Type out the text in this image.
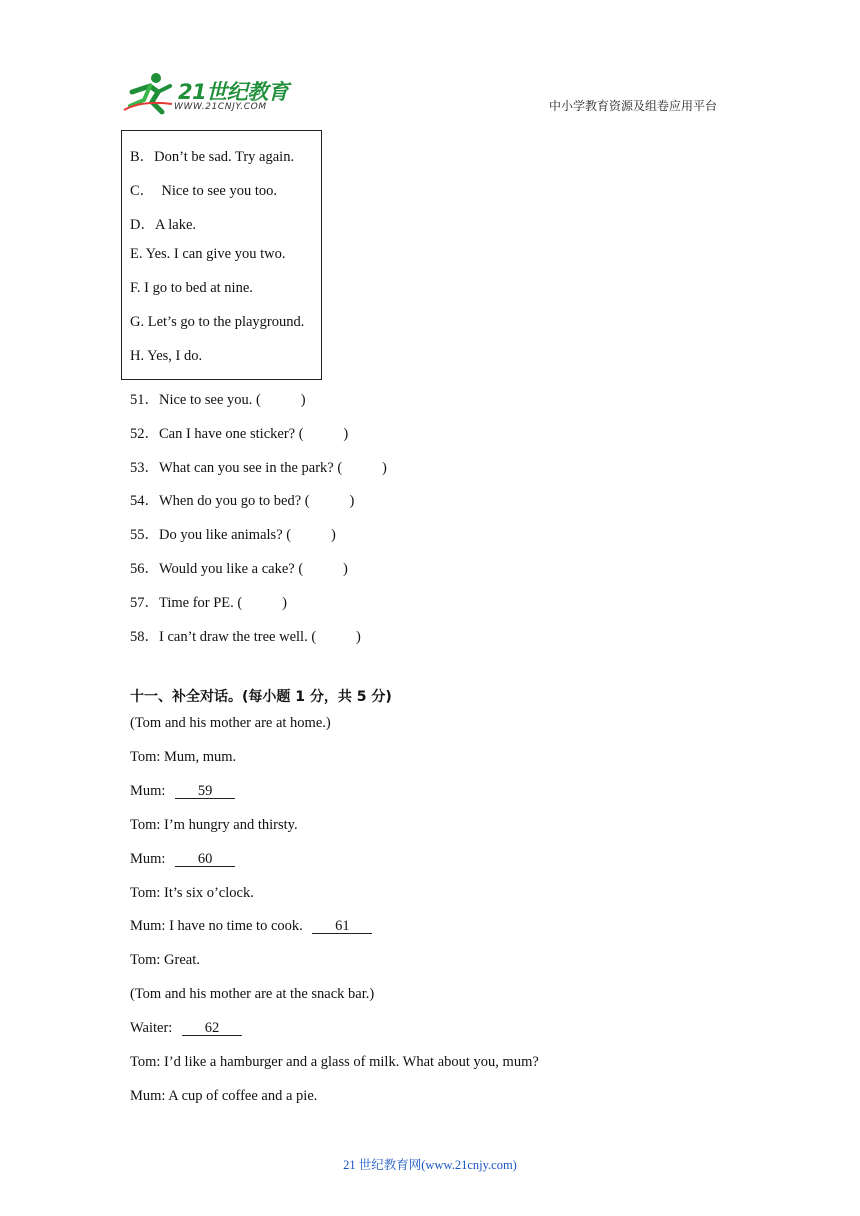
21世纪教育
WWW.21CNJY.COM	中小学教育资源及组卷应用平台
B．Don’t be sad. Try again.
C．  Nice to see you too.
D．A lake.
E. Yes. I can give you two.
F. I go to bed at nine.
G. Let’s go to the playground.
H. Yes, I do.
51．Nice to see you. (           )
52．Can I have one sticker? (           )
53．What can you see in the park? (           )
54．When do you go to bed? (           )
55．Do you like animals? (           )
56．Would you like a cake? (           )
57．Time for PE. (           )
58．I can’t draw the tree well. (           )
十一、补全对话。(每小题 1 分，共 5 分)
(Tom and his mother are at home.)
Tom: Mum, mum.
Mum: 59
Tom: I’m hungry and thirsty.
Mum: 60
Tom: It’s six o’clock.
Mum: I have no time to cook. 61
Tom: Great.
(Tom and his mother are at the snack bar.)
Waiter: 62
Tom: I’d like a hamburger and a glass of milk. What about you, mum?
Mum: A cup of coffee and a pie.
21 世纪教育网(www.21cnjy.com)
